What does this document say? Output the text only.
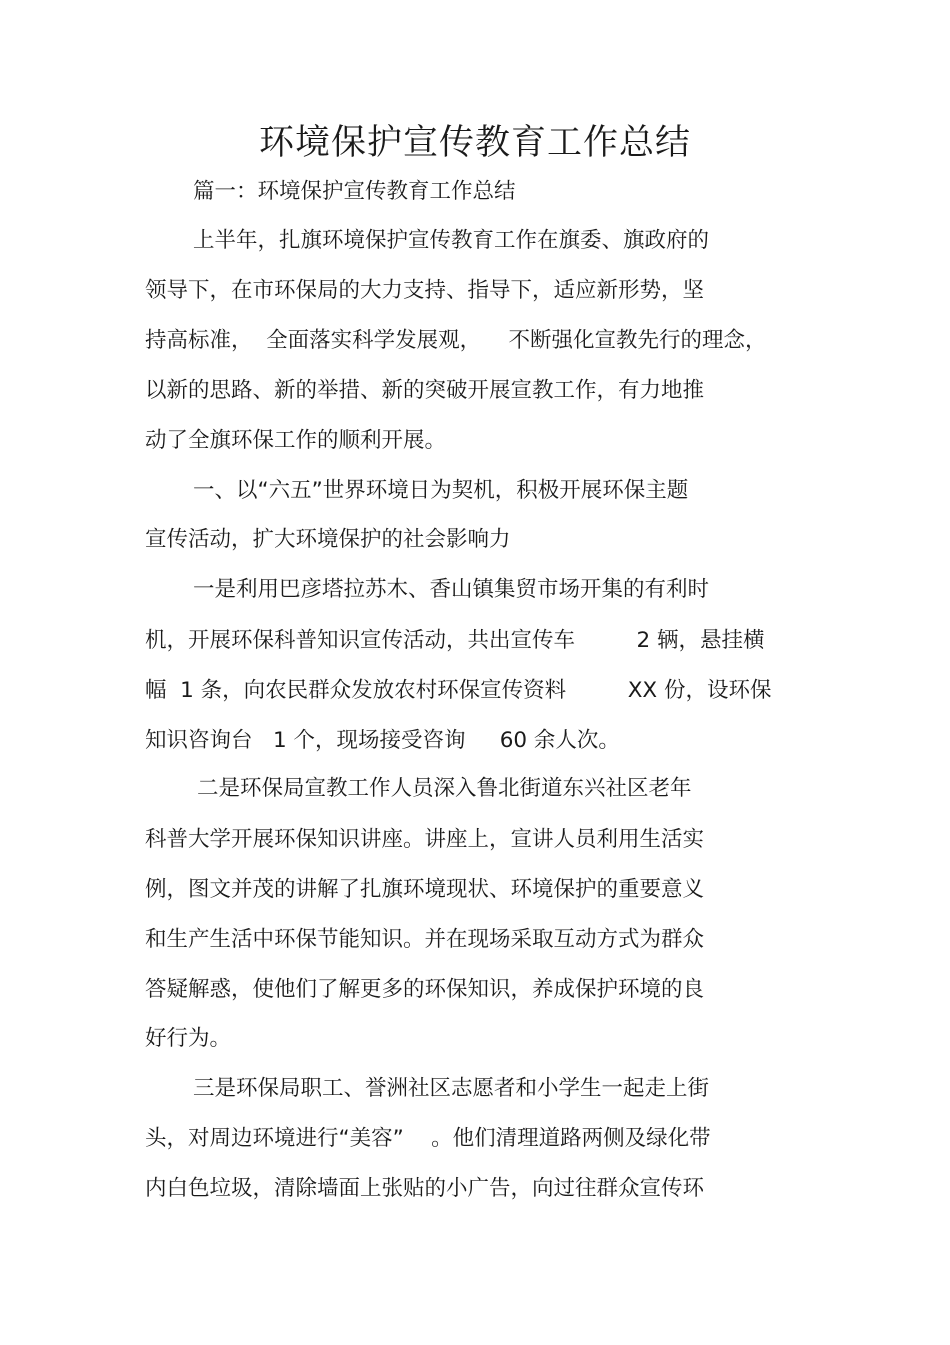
环境保护宣传教育工作总结
篇一：环境保护宣传教育工作总结
上半年，扎旗环境保护宣传教育工作在旗委、旗政府的
领导下，在市环保局的大力支持、指导下，适应新形势，坚
持高标准，  全面落实科学发展观，    不断强化宣教先行的理念，
以新的思路、新的举措、新的突破开展宣教工作，有力地推
动了全旗环保工作的顺利开展。
一、以“六五”世界环境日为契机，积极开展环保主题
宣传活动，扩大环境保护的社会影响力
一是利用巴彦塔拉苏木、香山镇集贸市场开集的有利时
机，开展环保科普知识宣传活动，共出宣传车         2 辆，悬挂横
幅  1 条，向农民群众发放农村环保宣传资料         XX 份，设环保
知识咨询台   1 个，现场接受咨询     60 余人次。
二是环保局宣教工作人员深入鲁北街道东兴社区老年
科普大学开展环保知识讲座。讲座上，宣讲人员利用生活实
例，图文并茂的讲解了扎旗环境现状、环境保护的重要意义
和生产生活中环保节能知识。并在现场采取互动方式为群众
答疑解惑，使他们了解更多的环保知识，养成保护环境的良
好行为。
三是环保局职工、誉洲社区志愿者和小学生一起走上街
头，对周边环境进行“美容”    。他们清理道路两侧及绿化带
内白色垃圾，清除墙面上张贴的小广告，向过往群众宣传环
